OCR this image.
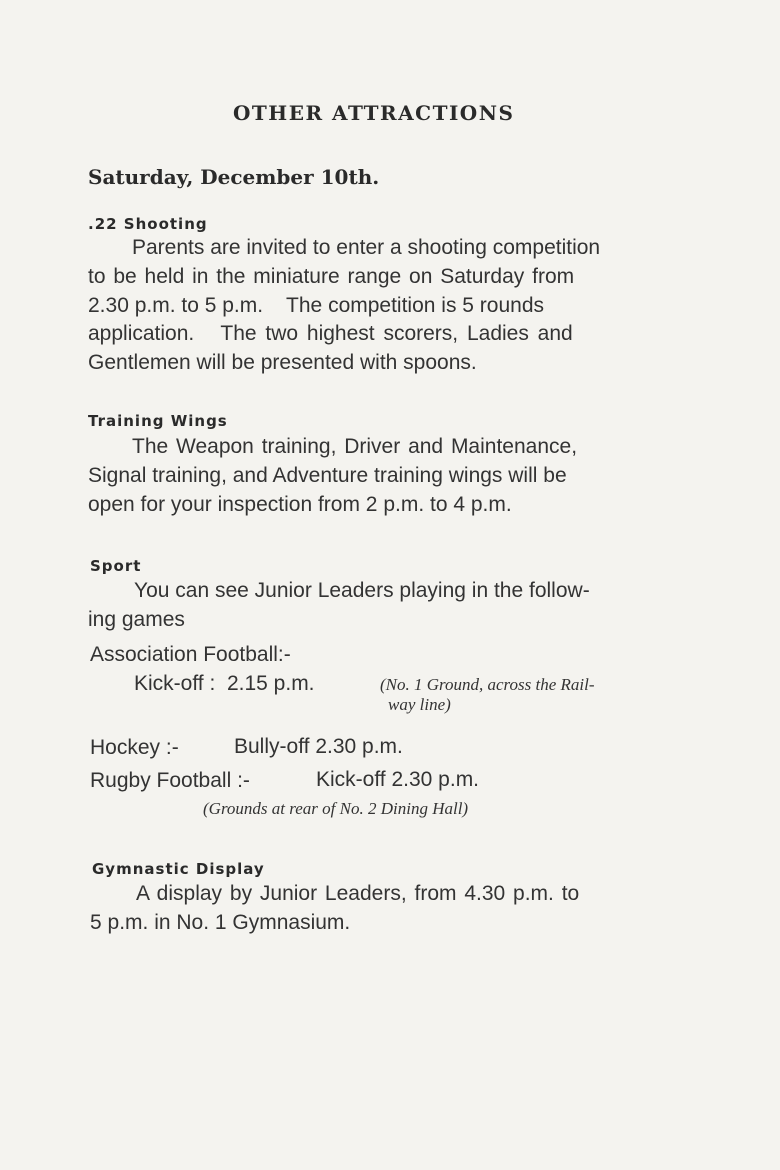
OTHER ATTRACTIONS
Saturday, December 10th.
.22 Shooting
Parents are invited to enter a shooting competition
to be held in the miniature range on Saturday from
2.30 p.m. to 5 p.m.    The competition is 5 rounds
application.   The two highest scorers, Ladies and
Gentlemen will be presented with spoons.
Training Wings
The Weapon training, Driver and Maintenance,
Signal training, and Adventure training wings will be
open for your inspection from 2 p.m. to 4 p.m.
Sport
You can see Junior Leaders playing in the follow-
ing games
Association Football:-
Kick-off :  2.15 p.m.	(No. 1 Ground, across the Rail-
way line)
Hockey :-	Bully-off 2.30 p.m.
Rugby Football :-	Kick-off 2.30 p.m.
(Grounds at rear of No. 2 Dining Hall)
Gymnastic Display
A display by Junior Leaders, from 4.30 p.m. to
5 p.m. in No. 1 Gymnasium.
